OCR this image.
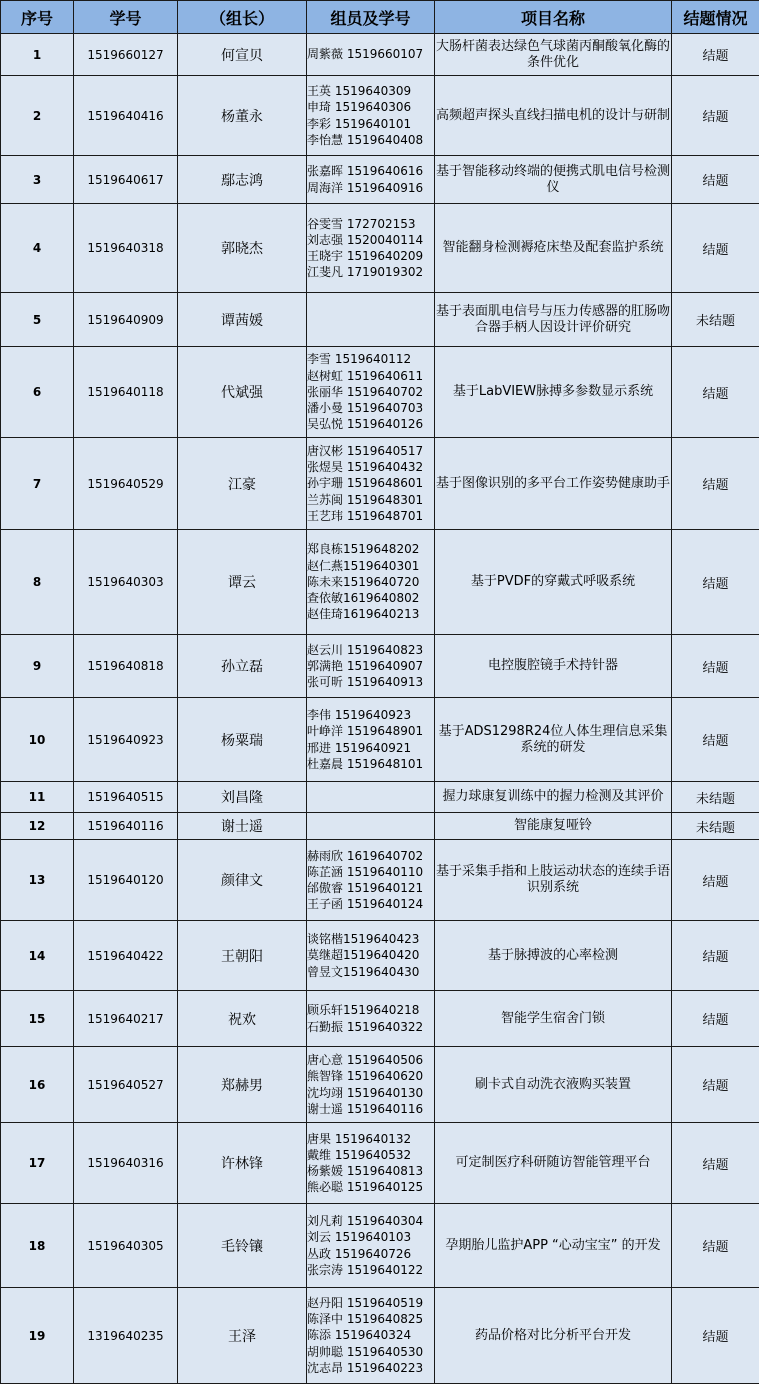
序号	学号	（组长）	组员及学号	项目名称	结题情况
1	1519660127	何宣贝	周紫薇 1519660107	大肠杆菌表达绿色气球菌丙酮酸氧化酶的条件优化	结题
2	1519640416	杨董永	王英 1519640309
申琦 1519640306
李彩 1519640101
李怡慧 1519640408	高频超声探头直线扫描电机的设计与研制	结题
3	1519640617	鄢志鸿	张嘉晖 1519640616
周海洋 1519640916	基于智能移动终端的便携式肌电信号检测仪	结题
4	1519640318	郭晓杰	谷雯雪 172702153
刘志强 1520040114
王晓宇 1519640209
江斐凡 1719019302	智能翻身检测褥疮床垫及配套监护系统	结题
5	1519640909	谭茜媛		基于表面肌电信号与压力传感器的肛肠吻合器手柄人因设计评价研究	未结题
6	1519640118	代斌强	李雪 1519640112
赵树虹 1519640611
张丽华 1519640702
潘小曼 1519640703
吴弘悦 1519640126	基于LabVIEW脉搏多参数显示系统	结题
7	1519640529	江豪	唐汉彬 1519640517
张煜昊 1519640432
孙宇珊 1519648601
兰苏闽 1519648301
王艺玮 1519648701	基于图像识别的多平台工作姿势健康助手	结题
8	1519640303	谭云	郑良栋1519648202
赵仁燕1519640301
陈未来1519640720
查依敏1619640802
赵佳琦1619640213	基于PVDF的穿戴式呼吸系统	结题
9	1519640818	孙立磊	赵云川 1519640823
郭满艳 1519640907
张可昕 1519640913	电控腹腔镜手术持针器	结题
10	1519640923	杨粟瑞	李伟 1519640923
叶峥洋 1519648901
邢进 1519640921
杜嘉晨 1519648101	基于ADS1298R24位人体生理信息采集系统的研发	结题
11	1519640515	刘昌隆		握力球康复训练中的握力检测及其评价	未结题
12	1519640116	谢士遥		智能康复哑铃	未结题
13	1519640120	颜律文	赫雨欣 1619640702
陈芷涵 1519640110
邰傲睿 1519640121
王子函 1519640124	基于采集手指和上肢运动状态的连续手语识别系统	结题
14	1519640422	王朝阳	谈铭楷1519640423
莫继超1519640420
曾昱文1519640430	基于脉搏波的心率检测	结题
15	1519640217	祝欢	顾乐轩1519640218
石勤振 1519640322	智能学生宿舍门锁	结题
16	1519640527	郑赫男	唐心意 1519640506
熊智锋 1519640620
沈均翊 1519640130
谢士遥 1519640116	刷卡式自动洗衣液购买装置	结题
17	1519640316	许林锋	唐果 1519640132
戴维 1519640532
杨紫媛 1519640813
熊必聪 1519640125	可定制医疗科研随访智能管理平台	结题
18	1519640305	毛铃镶	刘凡莉 1519640304
刘云 1519640103
丛政 1519640726
张宗涛 1519640122	孕期胎儿监护APP “心动宝宝” 的开发	结题
19	1319640235	王泽	赵丹阳 1519640519
陈泽中 1519640825
陈添 1519640324
胡帅聪 1519640530
沈志昂 1519640223	药品价格对比分析平台开发	结题
